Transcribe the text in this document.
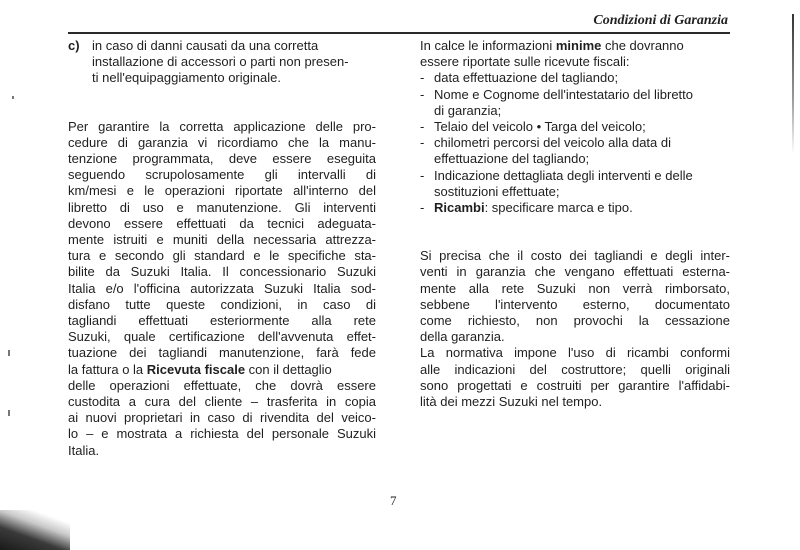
Condizioni di Garanzia
c) in caso di danni causati da una corretta
installazione di accessori o parti non presen-
ti nell'equipaggiamento originale.
Per garantire la corretta applicazione delle pro-
cedure di garanzia vi ricordiamo che la manu-
tenzione programmata, deve essere eseguita
seguendo scrupolosamente gli intervalli di
km/mesi e le operazioni riportate all'interno del
libretto di uso e manutenzione. Gli interventi
devono essere effettuati da tecnici adeguata-
mente istruiti e muniti della necessaria attrezza-
tura e secondo gli standard e le specifiche sta-
bilite da Suzuki Italia. Il concessionario Suzuki
Italia e/o l'officina autorizzata Suzuki Italia sod-
disfano tutte queste condizioni, in caso di
tagliandi effettuati esteriormente alla rete
Suzuki, quale certificazione dell'avvenuta effet-
tuazione dei tagliandi manutenzione, farà fede
la fattura o la Ricevuta fiscale con il dettaglio
delle operazioni effettuate, che dovrà essere
custodita a cura del cliente – trasferita in copia
ai nuovi proprietari in caso di rivendita del veico-
lo – e mostrata a richiesta del personale Suzuki
Italia.
In calce le informazioni minime che dovranno
essere riportate sulle ricevute fiscali:
- data effettuazione del tagliando;
- Nome e Cognome dell'intestatario del libretto
di garanzia;
- Telaio del veicolo • Targa del veicolo;
- chilometri percorsi del veicolo alla data di
effettuazione del tagliando;
- Indicazione dettagliata degli interventi e delle
sostituzioni effettuate;
- Ricambi: specificare marca e tipo.
Si precisa che il costo dei tagliandi e degli inter-
venti in garanzia che vengano effettuati esterna-
mente alla rete Suzuki non verrà rimborsato,
sebbene l'intervento esterno, documentato
come richiesto, non provochi la cessazione
della garanzia.
La normativa impone l'uso di ricambi conformi
alle indicazioni del costruttore; quelli originali
sono progettati e costruiti per garantire l'affidabi-
lità dei mezzi Suzuki nel tempo.
7
